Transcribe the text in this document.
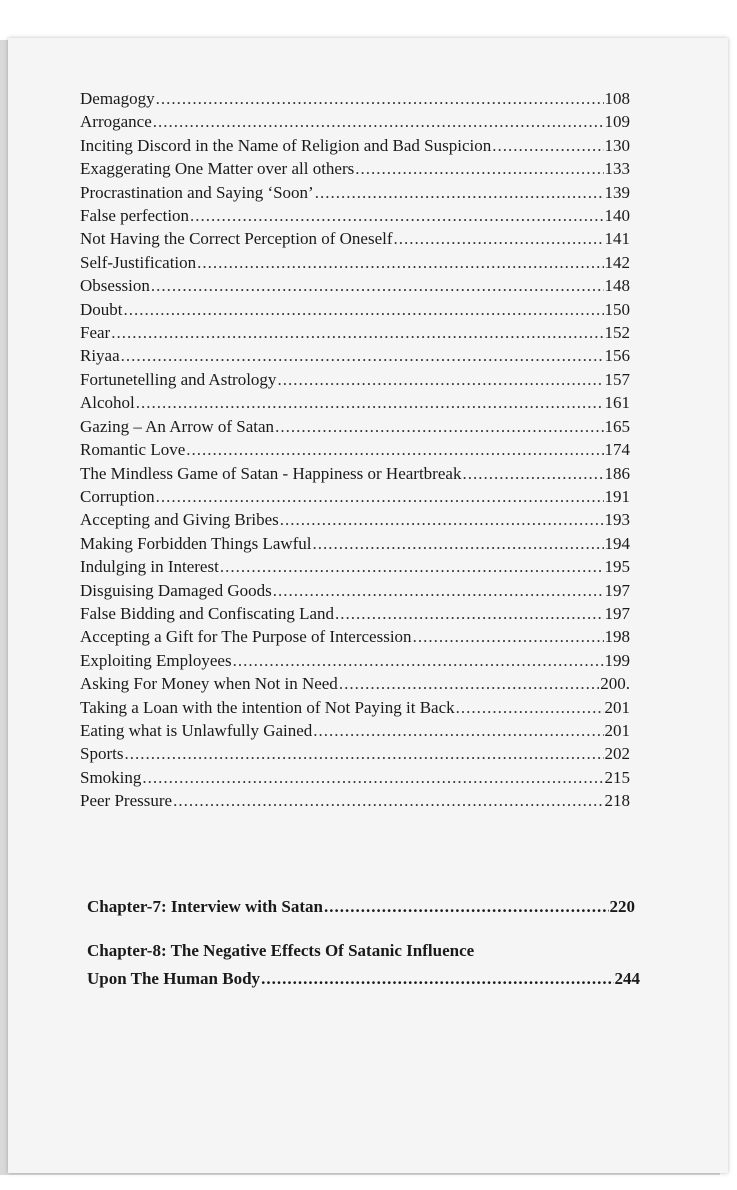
Demagogy .....	108
Arrogance .....	109
Inciting Discord in the Name of Religion and Bad Suspicion .....	130
Exaggerating One Matter over all others .....	133
Procrastination and Saying ‘Soon’ .....	139
False perfection .....	140
Not Having the Correct Perception of Oneself .....	141
Self-Justification .....	142
Obsession .....	148
Doubt .....	150
Fear .....	152
Riyaa .....	156
Fortunetelling and Astrology .....	157
Alcohol .....	161
Gazing – An Arrow of Satan .....	165
Romantic Love .....	174
The Mindless Game of Satan - Happiness or Heartbreak .....	186
Corruption .....	191
Accepting and Giving Bribes .....	193
Making Forbidden Things Lawful .....	194
Indulging in Interest .....	195
Disguising Damaged Goods .....	197
False Bidding and Confiscating Land .....	197
Accepting a Gift for The Purpose of Intercession .....	198
Exploiting Employees .....	199
Asking For Money when Not in Need .....	200.
Taking a Loan with the intention of Not Paying it Back .....	201
Eating what is Unlawfully Gained .....	201
Sports .....	202
Smoking .....	215
Peer Pressure .....	218
Chapter-7: Interview with Satan .....	220
Chapter-8: The Negative Effects Of Satanic Influence
Upon The Human Body .....	244
